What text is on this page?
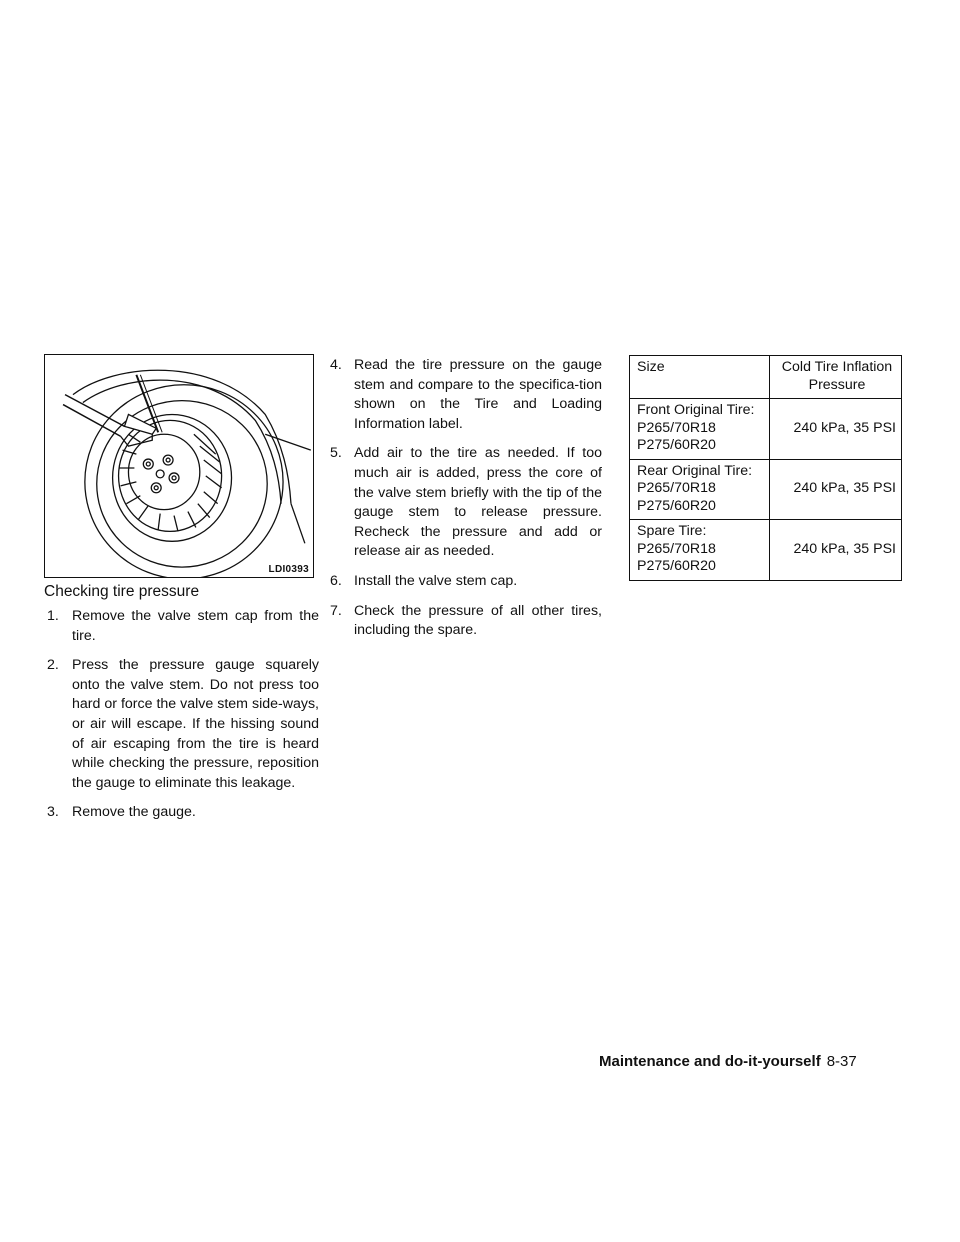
LDI0393
Checking tire pressure
1. Remove the valve stem cap from the tire.
2. Press the pressure gauge squarely onto the valve stem. Do not press too hard or force the valve stem side-ways, or air will escape. If the hissing sound of air escaping from the tire is heard while checking the pressure, reposition the gauge to eliminate this leakage.
3. Remove the gauge.
4. Read the tire pressure on the gauge stem and compare to the specifica-tion shown on the Tire and Loading Information label.
5. Add air to the tire as needed. If too much air is added, press the core of the valve stem briefly with the tip of the gauge stem to release pressure. Recheck the pressure and add or release air as needed.
6. Install the valve stem cap.
7. Check the pressure of all other tires, including the spare.
Size	Cold Tire Inflation Pressure

Front Original Tire:
P265/70R18
P275/60R20	240 kPa, 35 PSI

Rear Original Tire:
P265/70R18
P275/60R20	240 kPa, 35 PSI

Spare Tire:
P265/70R18
P275/60R20	240 kPa, 35 PSI
Maintenance and do-it-yourself 8-37
